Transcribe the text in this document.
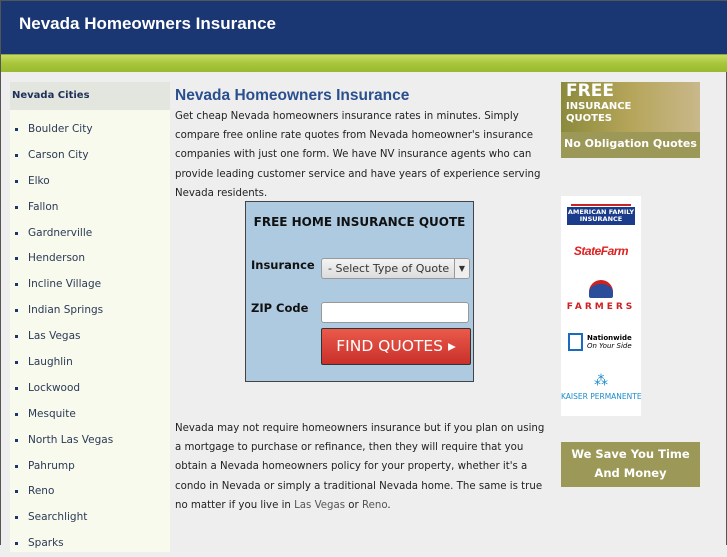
Nevada Homeowners Insurance
Nevada Cities
Boulder City
Carson City
Elko
Fallon
Gardnerville
Henderson
Incline Village
Indian Springs
Las Vegas
Laughlin
Lockwood
Mesquite
North Las Vegas
Pahrump
Reno
Searchlight
Sparks
Nevada Homeowners Insurance

Get cheap Nevada homeowners insurance rates in minutes. Simply compare free online rate quotes from Nevada homeowner's insurance companies with just one form. We have NV insurance agents who can provide leading customer service and have years of experience serving Nevada residents.

Nevada may not require homeowners insurance but if you plan on using a mortgage to purchase or refinance, then they will require that you obtain a Nevada homeowners policy for your property, whether it's a condo in Nevada or simply a traditional Nevada home. The same is true no matter if you live in Las Vegas or Reno.

FREE HOME INSURANCE QUOTE
Insurance	- Select Type of Quote	▼
ZIP Code
FIND QUOTES ▸
FREE
INSURANCE QUOTES
No Obligation Quotes
AMERICAN FAMILY INSURANCE
StateFarm
FARMERS
Nationwide
On Your Side
⁂
KAISER PERMANENTE
We Save You Time And Money
